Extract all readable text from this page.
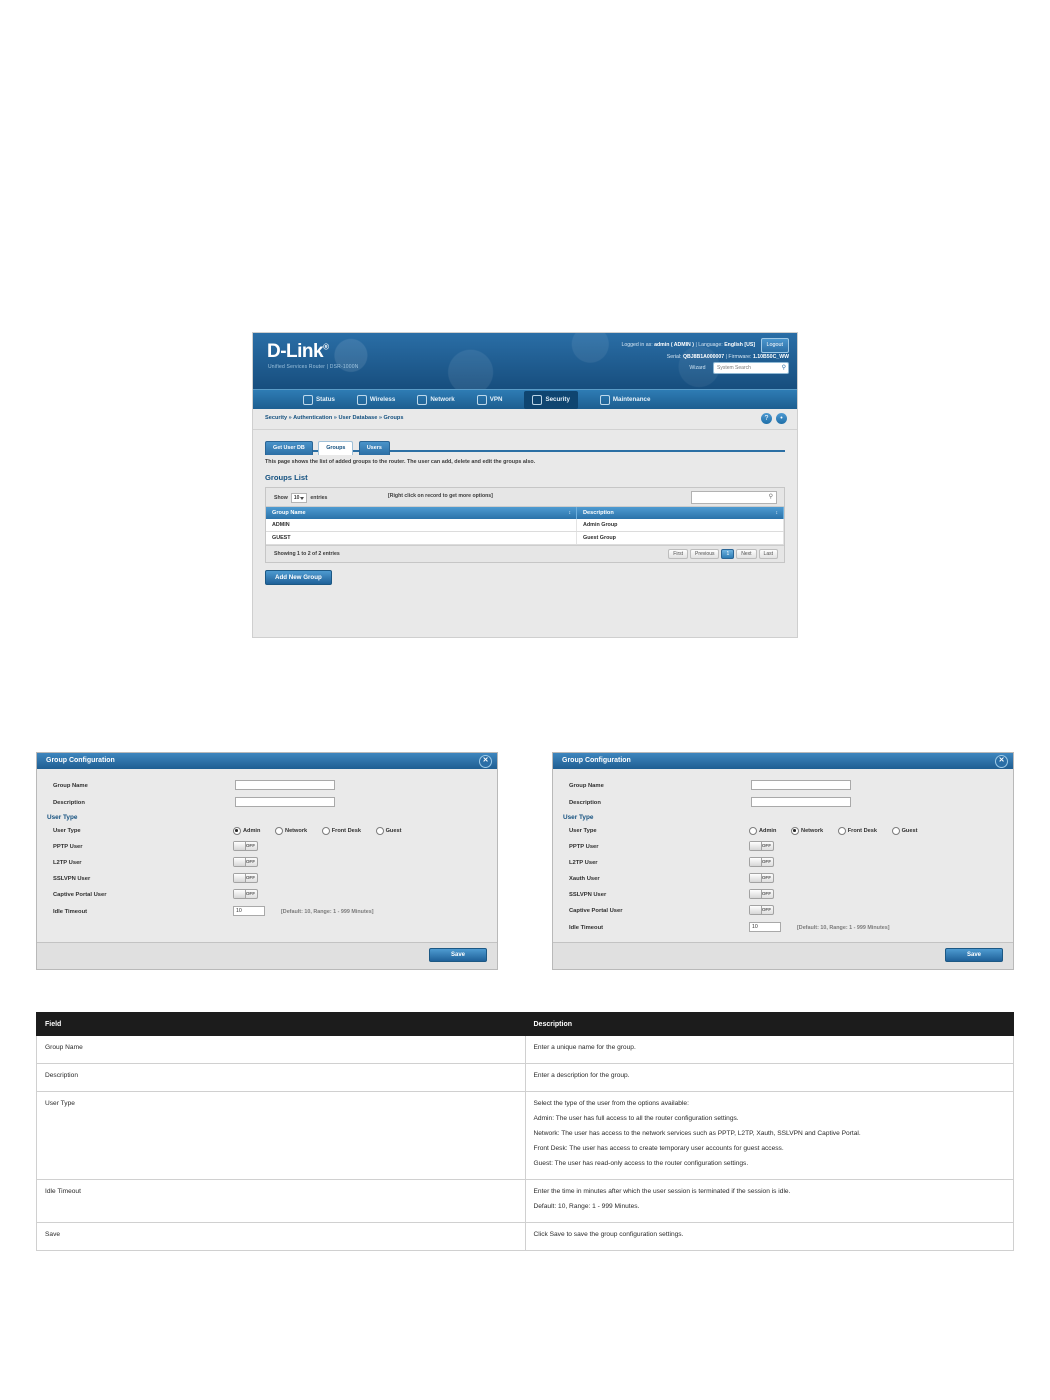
D-Link®
Unified Services Router | DSR-1000N
Logged in as: admin ( ADMIN ) | Language: English [US] Logout
Serial: QBJ8B1A000007 | Firmware: 1.10B50C_WW
Wizard System Search	⚲
Status	Wireless	Network	VPN	Security	Maintenance
Security » Authentication » User Database » Groups	?	•
Get User DB	Groups	Users
This page shows the list of added groups to the router. The user can add, delete and edit the groups also.
Groups List
Show	10	entries	[Right click on record to get more options]	⚲
Group Name ↕	Description ↕

ADMIN	Admin Group
GUEST	Guest Group
Showing 1 to 2 of 2 entries	First	Previous	1	Next	Last
Add New Group
Group Configuration	✕
Group Name
Description
User Type
User Type	Admin
	Network
	Front Desk
	Guest
PPTP User	OFF
L2TP User	OFF
SSLVPN User	OFF
Captive Portal User	OFF
Idle Timeout	10	[Default: 10, Range: 1 - 999 Minutes]
Save
Group Configuration	✕
Group Name
Description
User Type
User Type	Admin
	Network
	Front Desk
	Guest
PPTP User	OFF
L2TP User	OFF
Xauth User	OFF
SSLVPN User	OFF
Captive Portal User	OFF
Idle Timeout	10	[Default: 10, Range: 1 - 999 Minutes]
Save
Field	Description
Group Name	Enter a unique name for the group.

Description	Enter a description for the group.

User Type	Select the type of the user from the options available:

Admin: The user has full access to all the router configuration settings.

Network: The user has access to the network services such as PPTP, L2TP, Xauth, SSLVPN and Captive Portal.

Front Desk: The user has access to create temporary user accounts for guest access.

Guest: The user has read-only access to the router configuration settings.

Idle Timeout	Enter the time in minutes after which the user session is terminated if the session is idle.

Default: 10, Range: 1 - 999 Minutes.

Save	Click Save to save the group configuration settings.
